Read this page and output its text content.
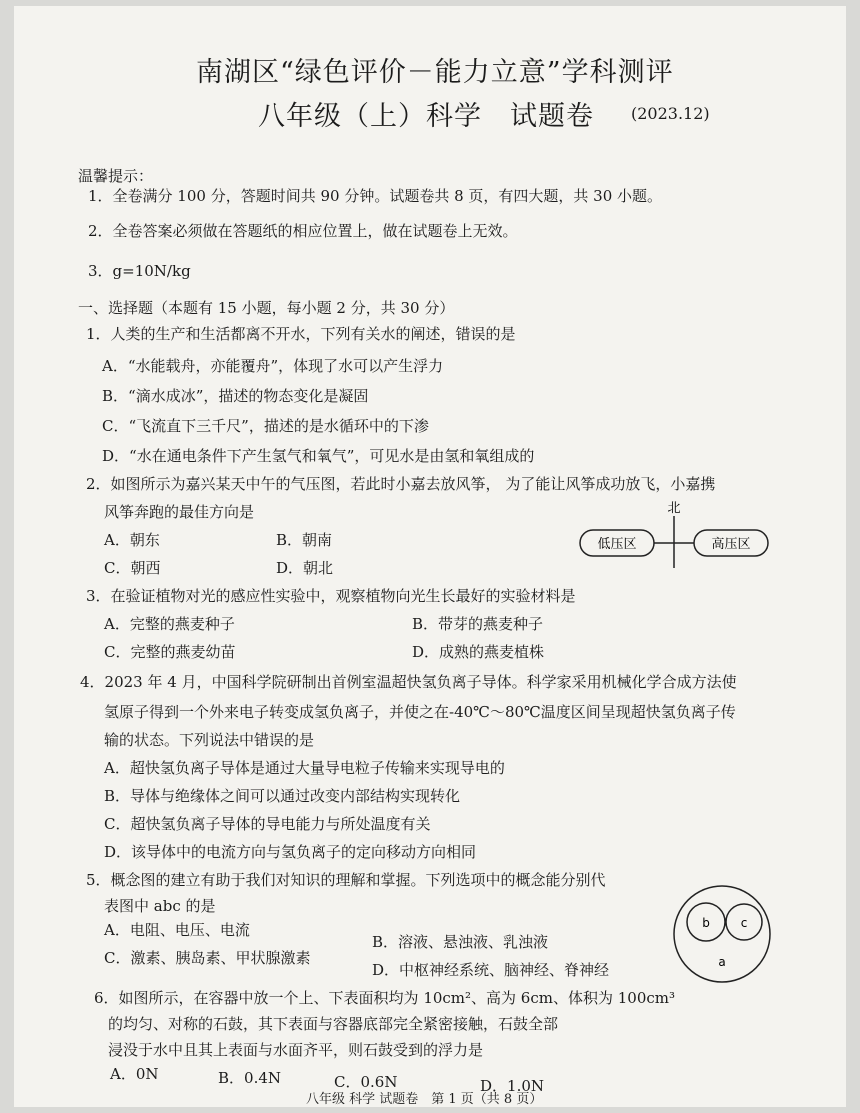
南湖区“绿色评价－能力立意”学科测评
八年级（上）科学　试题卷 (2023.12)
温馨提示：
1．全卷满分 100 分，答题时间共 90 分钟。试题卷共 8 页，有四大题，共 30 小题。
2．全卷答案必须做在答题纸的相应位置上，做在试题卷上无效。
3．g=10N/kg
一、选择题（本题有 15 小题，每小题 2 分，共 30 分）
1．人类的生产和生活都离不开水，下列有关水的阐述，错误的是
A．“水能载舟，亦能覆舟”，体现了水可以产生浮力
B．“滴水成冰”，描述的物态变化是凝固
C．“飞流直下三千尺”，描述的是水循环中的下渗
D．“水在通电条件下产生氢气和氧气”，可见水是由氢和氧组成的
2．如图所示为嘉兴某天中午的气压图，若此时小嘉去放风筝， 为了能让风筝成功放飞，小嘉携
风筝奔跑的最佳方向是
A．朝东	B．朝南
C．朝西	D．朝北
北
低压区	高压区
3．在验证植物对光的感应性实验中，观察植物向光生长最好的实验材料是
A．完整的燕麦种子	B．带芽的燕麦种子
C．完整的燕麦幼苗	D．成熟的燕麦植株
4．2023 年 4 月，中国科学院研制出首例室温超快氢负离子导体。科学家采用机械化学合成方法使
氢原子得到一个外来电子转变成氢负离子，并使之在-40℃～80℃温度区间呈现超快氢负离子传
输的状态。下列说法中错误的是
A．超快氢负离子导体是通过大量导电粒子传输来实现导电的
B．导体与绝缘体之间可以通过改变内部结构实现转化
C．超快氢负离子导体的导电能力与所处温度有关
D．该导体中的电流方向与氢负离子的定向移动方向相同
5．概念图的建立有助于我们对知识的理解和掌握。下列选项中的概念能分别代
表图中 abc 的是
A．电阻、电压、电流
B．溶液、悬浊液、乳浊液
C．激素、胰岛素、甲状腺激素
D．中枢神经系统、脑神经、脊神经
b	c
a
6．如图所示，在容器中放一个上、下表面积均为 10cm²、高为 6cm、体积为 100cm³
的均匀、对称的石鼓，其下表面与容器底部完全紧密接触，石鼓全部
浸没于水中且其上表面与水面齐平，则石鼓受到的浮力是
A．0N	B．0.4N	C．0.6N	D．1.0N
八年级 科学 试题卷　第 1 页（共 8 页）
